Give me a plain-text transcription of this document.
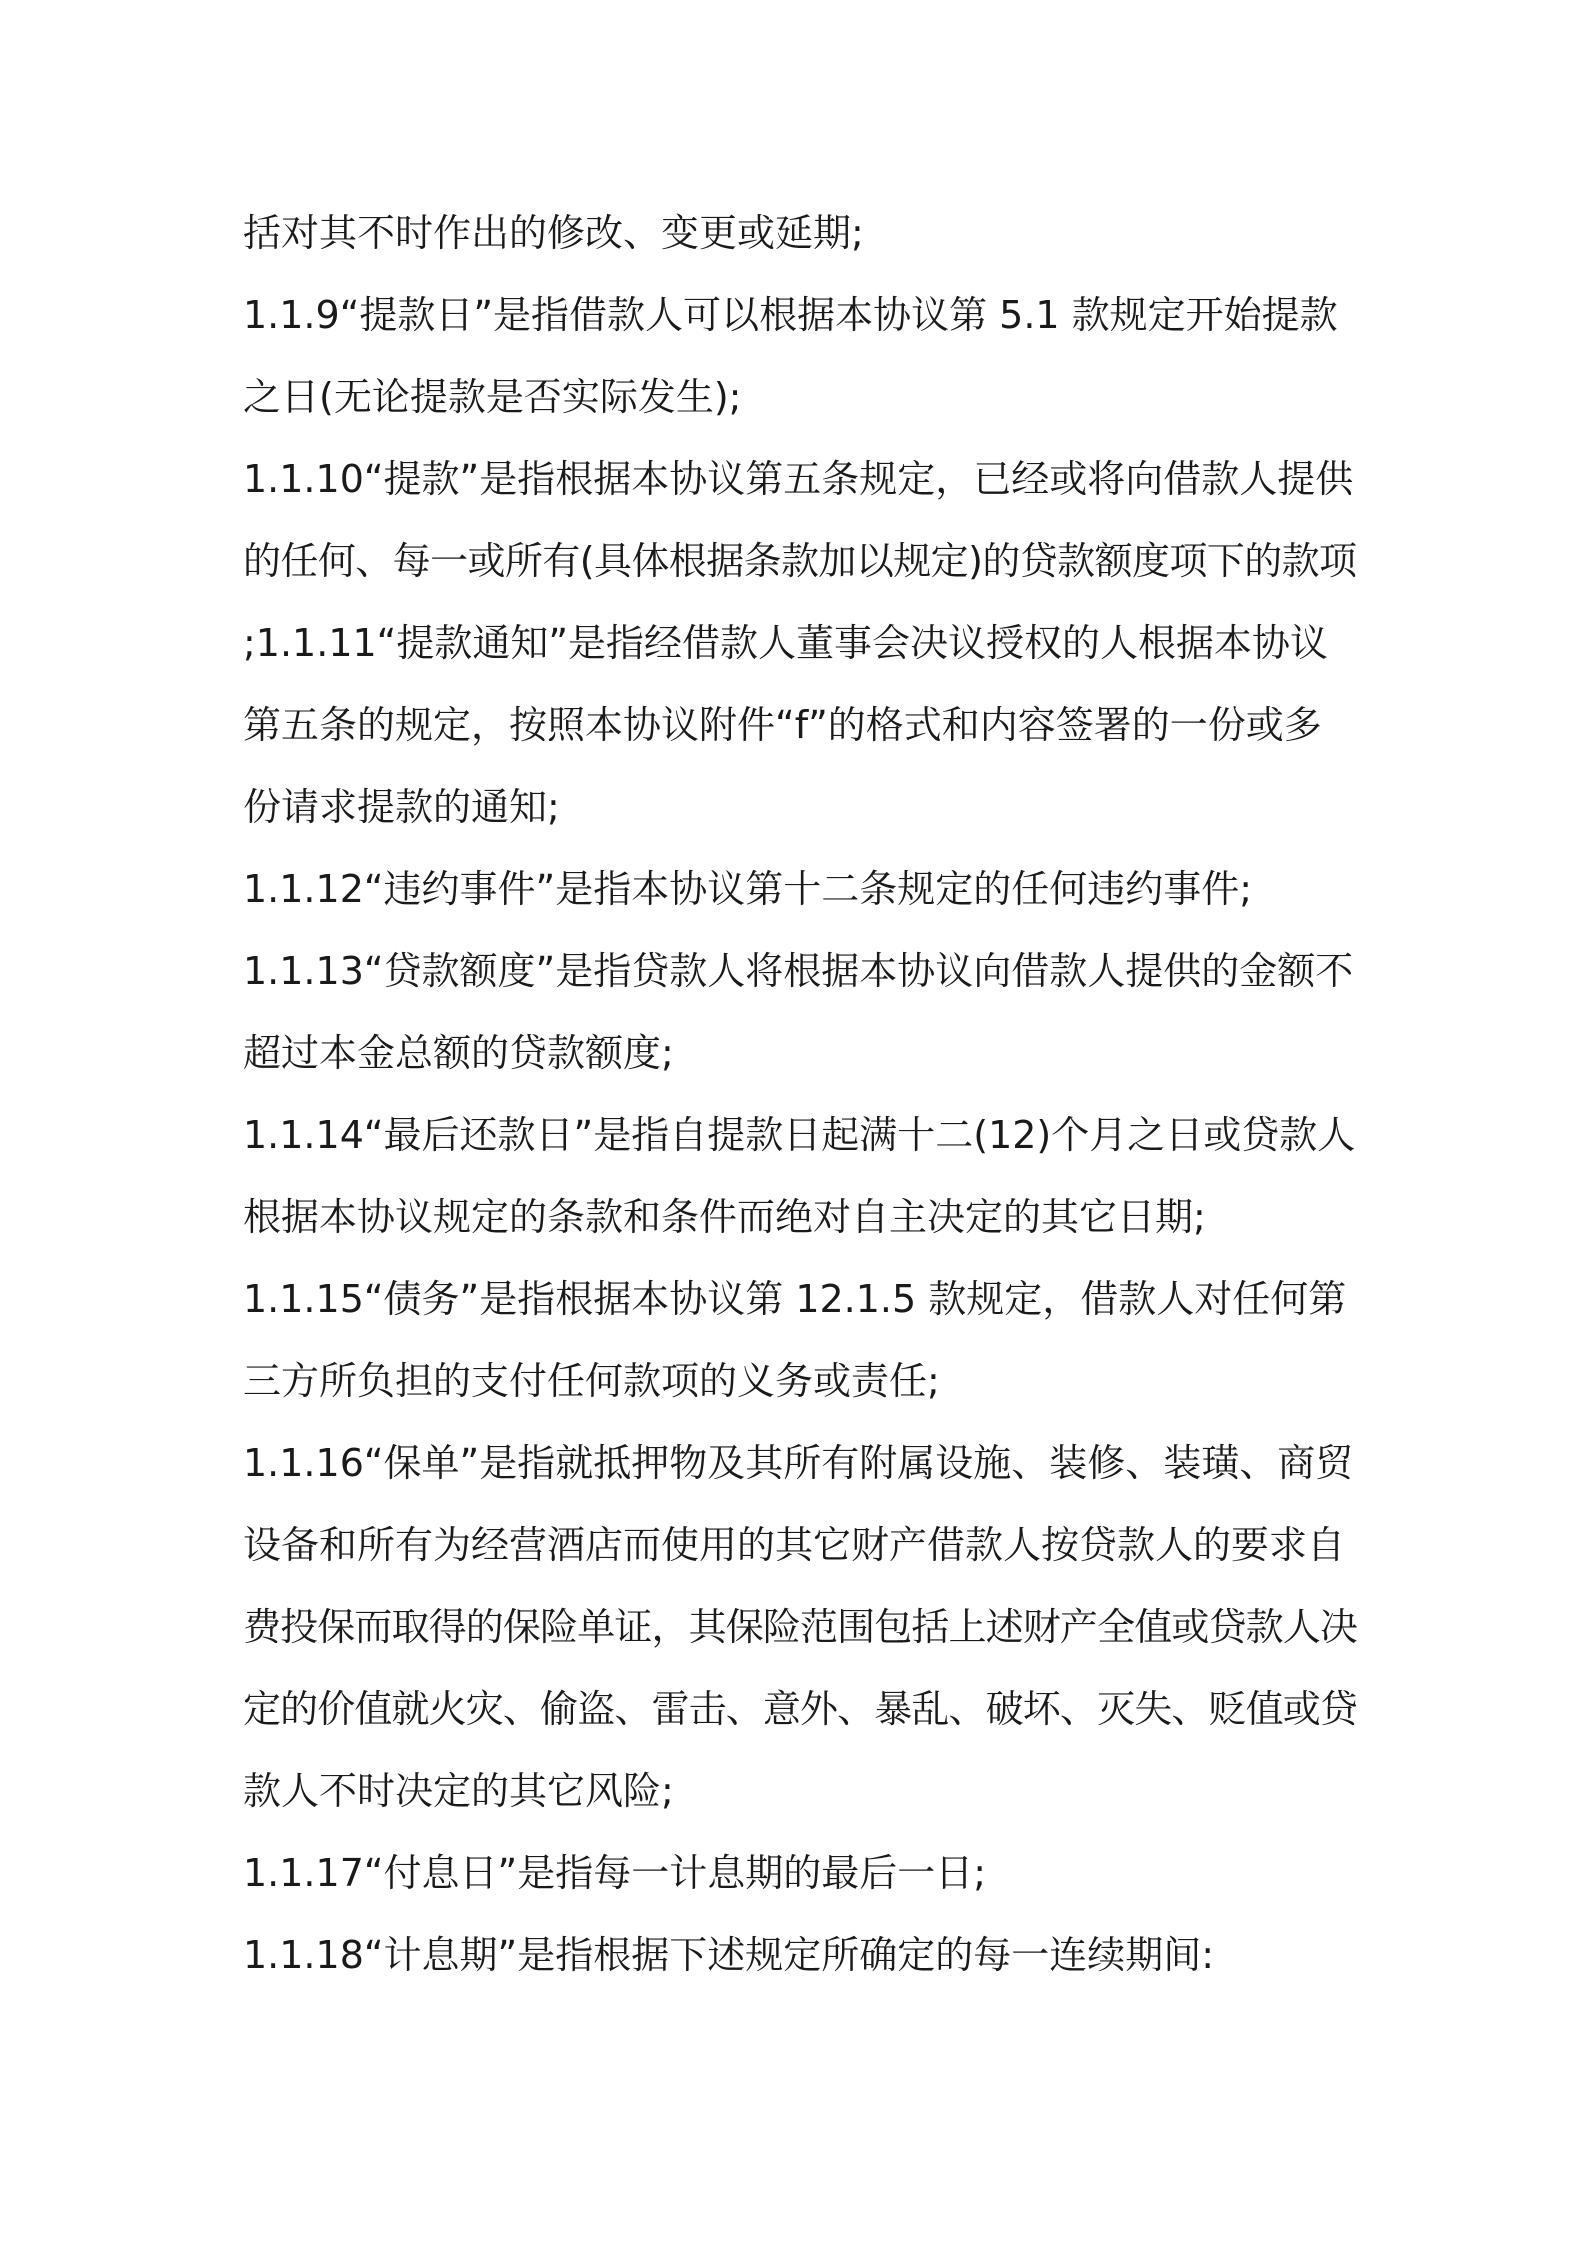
括对其不时作出的修改、变更或延期;
1.1.9“提款日”是指借款人可以根据本协议第 5.1 款规定开始提款
之日(无论提款是否实际发生);
1.1.10“提款”是指根据本协议第五条规定，已经或将向借款人提供
的任何、每一或所有(具体根据条款加以规定)的贷款额度项下的款项
;1.1.11“提款通知”是指经借款人董事会决议授权的人根据本协议
第五条的规定，按照本协议附件“f”的格式和内容签署的一份或多
份请求提款的通知;
1.1.12“违约事件”是指本协议第十二条规定的任何违约事件;
1.1.13“贷款额度”是指贷款人将根据本协议向借款人提供的金额不
超过本金总额的贷款额度;
1.1.14“最后还款日”是指自提款日起满十二(12)个月之日或贷款人
根据本协议规定的条款和条件而绝对自主决定的其它日期;
1.1.15“债务”是指根据本协议第 12.1.5 款规定，借款人对任何第
三方所负担的支付任何款项的义务或责任;
1.1.16“保单”是指就抵押物及其所有附属设施、装修、装璜、商贸
设备和所有为经营酒店而使用的其它财产借款人按贷款人的要求自
费投保而取得的保险单证，其保险范围包括上述财产全值或贷款人决
定的价值就火灾、偷盗、雷击、意外、暴乱、破坏、灭失、贬值或贷
款人不时决定的其它风险;
1.1.17“付息日”是指每一计息期的最后一日;
1.1.18“计息期”是指根据下述规定所确定的每一连续期间:
